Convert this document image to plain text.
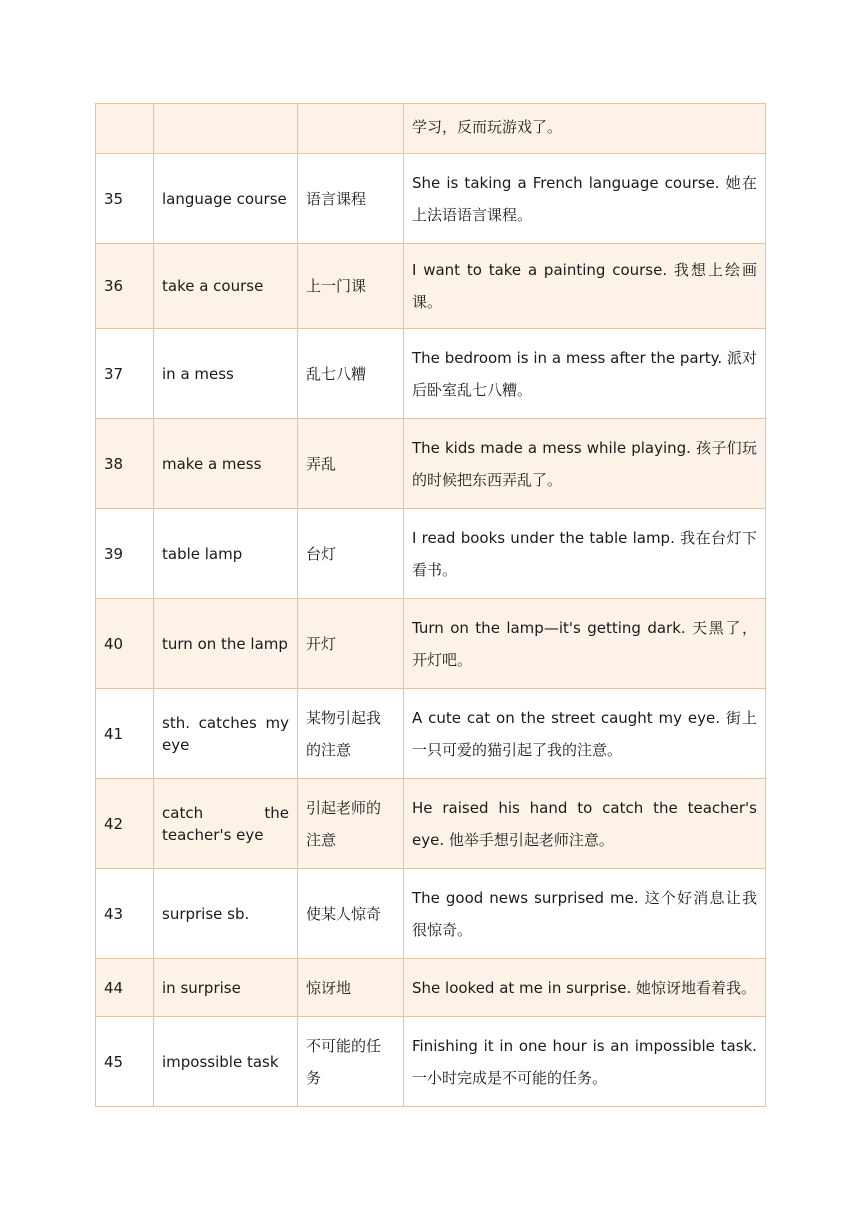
			学习，反而玩游戏了。
35	language course	语言课程	She is taking a French language course. 她在上法语语言课程。
36	take a course	上一门课	I want to take a painting course. 我想上绘画课。
37	in a mess	乱七八糟	The bedroom is in a mess after the party. 派对后卧室乱七八糟。
38	make a mess	弄乱	The kids made a mess while playing. 孩子们玩的时候把东西弄乱了。
39	table lamp	台灯	I read books under the table lamp. 我在台灯下看书。
40	turn on the lamp	开灯	Turn on the lamp—it's getting dark. 天黑了，开灯吧。
41	sth. catches my eye	某物引起我的注意	A cute cat on the street caught my eye. 街上一只可爱的猫引起了我的注意。
42	catch the teacher's eye	引起老师的注意	He raised his hand to catch the teacher's eye. 他举手想引起老师注意。
43	surprise sb.	使某人惊奇	The good news surprised me. 这个好消息让我很惊奇。
44	in surprise	惊讶地	She looked at me in surprise. 她惊讶地看着我。
45	impossible task	不可能的任务	Finishing it in one hour is an impossible task. 一小时完成是不可能的任务。
